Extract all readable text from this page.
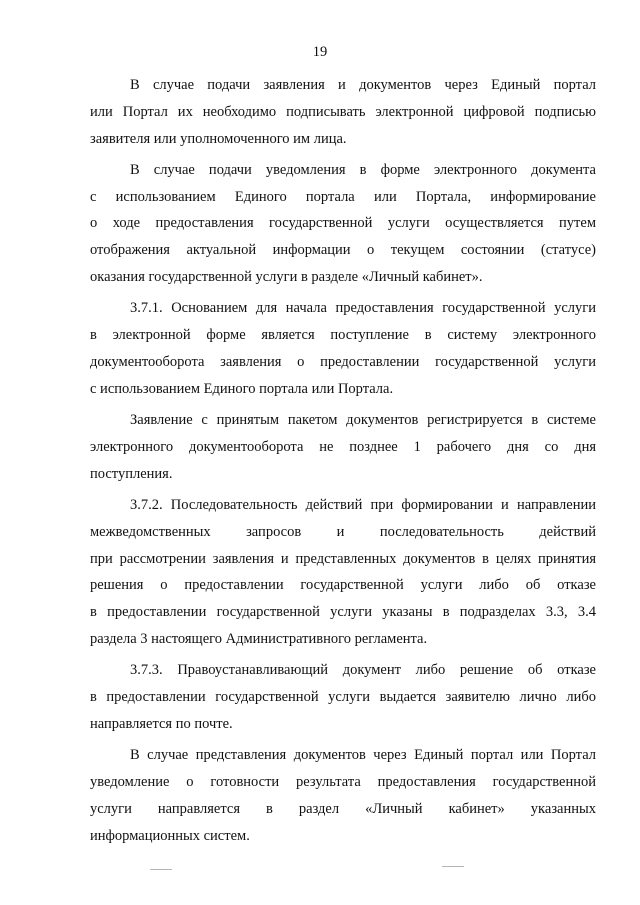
19

В случае подачи заявления и документов через Единый портал
или Портал их необходимо подписывать электронной цифровой подписью
заявителя или уполномоченного им лица.

В случае подачи уведомления в форме электронного документа
с использованием Единого портала или Портала, информирование
о ходе предоставления государственной услуги осуществляется путем
отображения актуальной информации о текущем состоянии (статусе)
оказания государственной услуги в разделе «Личный кабинет».

3.7.1. Основанием для начала предоставления государственной услуги
в электронной форме является поступление в систему электронного
документооборота заявления о предоставлении государственной услуги
с использованием Единого портала или Портала.

Заявление с принятым пакетом документов регистрируется в системе
электронного документооборота не позднее 1 рабочего дня со дня
поступления.

3.7.2. Последовательность действий при формировании и направлении
межведомственных запросов и последовательность действий
при рассмотрении заявления и представленных документов в целях принятия
решения о предоставлении государственной услуги либо об отказе
в предоставлении государственной услуги указаны в подразделах 3.3, 3.4
раздела 3 настоящего Административного регламента.

3.7.3. Правоустанавливающий документ либо решение об отказе
в предоставлении государственной услуги выдается заявителю лично либо
направляется по почте.

В случае представления документов через Единый портал или Портал
уведомление о готовности результата предоставления государственной
услуги направляется в раздел «Личный кабинет» указанных
информационных систем.
